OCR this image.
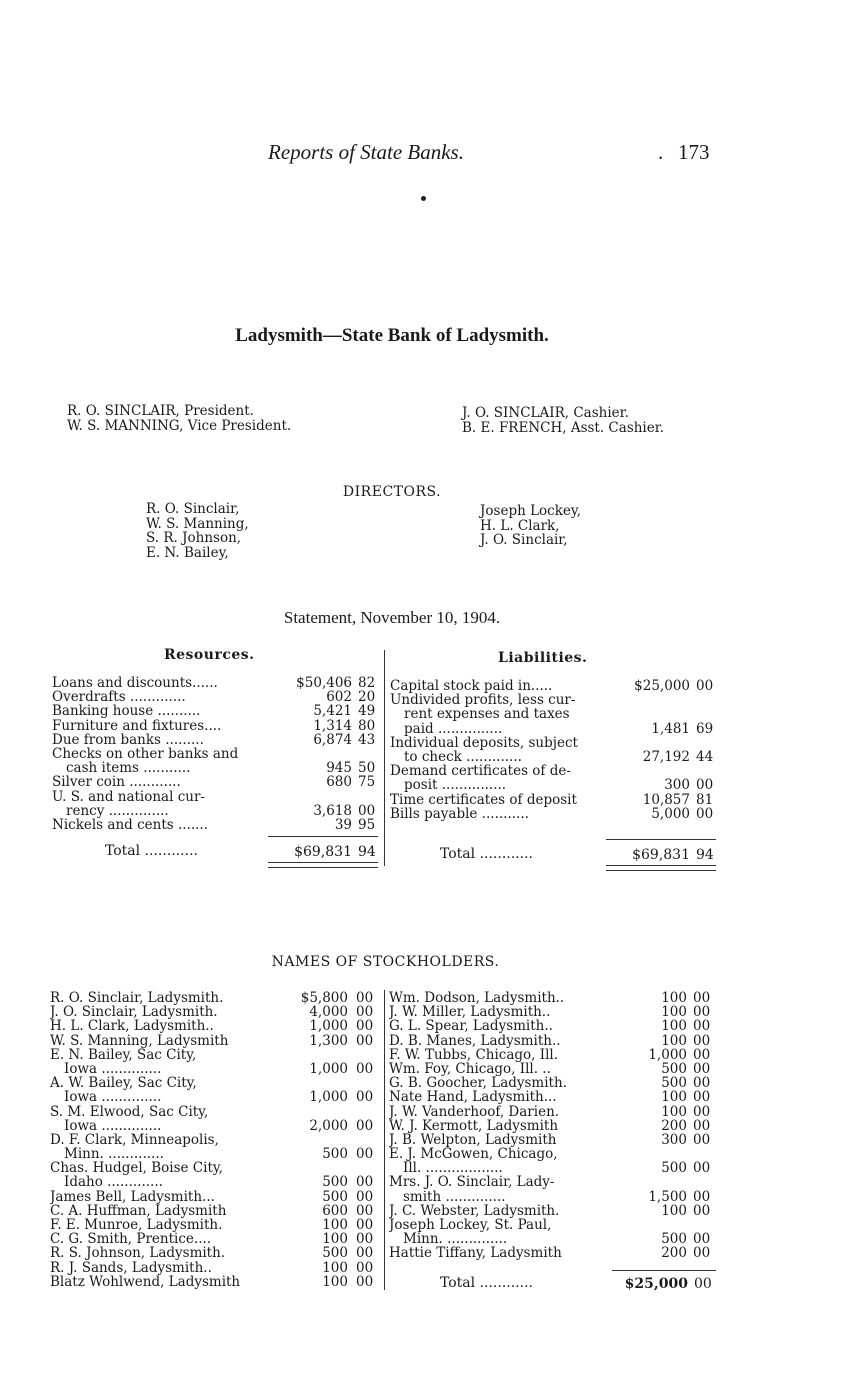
Reports of State Banks.
.	173
Ladysmith—State Bank of Ladysmith.
R. O. SINCLAIR, President.
W. S. MANNING, Vice President.
J. O. SINCLAIR, Cashier.
B. E. FRENCH, Asst. Cashier.
DIRECTORS.
R. O. Sinclair,
W. S. Manning,
S. R. Johnson,
E. N. Bailey,
Joseph Lockey,
H. L. Clark,
J. O. Sinclair,
Statement, November 10, 1904.
Resources.	Liabilities.
Loans and discounts......	$50,406 82
Overdrafts .............	602 20
Banking house ..........	5,421 49
Furniture and fixtures....	1,314 80
Due from banks .........	6,874 43
Checks on other banks and
cash items ...........	945 50
Silver coin ............	680 75
U. S. and national cur-
rency ..............	3,618 00
Nickels and cents .......	39 95
Capital stock paid in.....	$25,000 00
Undivided profits, less cur-
rent expenses and taxes
paid ...............	1,481 69
Individual deposits, subject
to check .............	27,192 44
Demand certificates of de-
posit ...............	300 00
Time certificates of deposit	10,857 81
Bills payable ...........	5,000 00
Total ............	$69,831 94	Total ............	$69,831 94
NAMES OF STOCKHOLDERS.
R. O. Sinclair, Ladysmith.	$5,800 00
J. O. Sinclair, Ladysmith.	4,000 00
H. L. Clark, Ladysmith..	1,000 00
W. S. Manning, Ladysmith	1,300 00
E. N. Bailey, Sac City,
Iowa ..............	1,000 00
A. W. Bailey, Sac City,
Iowa ..............	1,000 00
S. M. Elwood, Sac City,
Iowa ..............	2,000 00
D. F. Clark, Minneapolis,
Minn. .............	500 00
Chas. Hudgel, Boise City,
Idaho .............	500 00
James Bell, Ladysmith...	500 00
C. A. Huffman, Ladysmith	600 00
F. E. Munroe, Ladysmith.	100 00
C. G. Smith, Prentice....	100 00
R. S. Johnson, Ladysmith.	500 00
R. J. Sands, Ladysmith..	100 00
Blatz Wohlwend, Ladysmith	100 00
Wm. Dodson, Ladysmith..	100 00
J. W. Miller, Ladysmith..	100 00
G. L. Spear, Ladysmith..	100 00
D. B. Manes, Ladysmith..	100 00
F. W. Tubbs, Chicago, Ill.	1,000 00
Wm. Foy, Chicago, Ill. ..	500 00
G. B. Goocher, Ladysmith.	500 00
Nate Hand, Ladysmith...	100 00
J. W. Vanderhoof, Darien.	100 00
W. J. Kermott, Ladysmith	200 00
J. B. Welpton, Ladysmith	300 00
E. J. McGowen, Chicago,
Ill. ..................	500 00
Mrs. J. O. Sinclair, Lady-
smith ..............	1,500 00
J. C. Webster, Ladysmith.	100 00
Joseph Lockey, St. Paul,
Minn. ..............	500 00
Hattie Tiffany, Ladysmith	200 00
Total ............	$25,000 00
